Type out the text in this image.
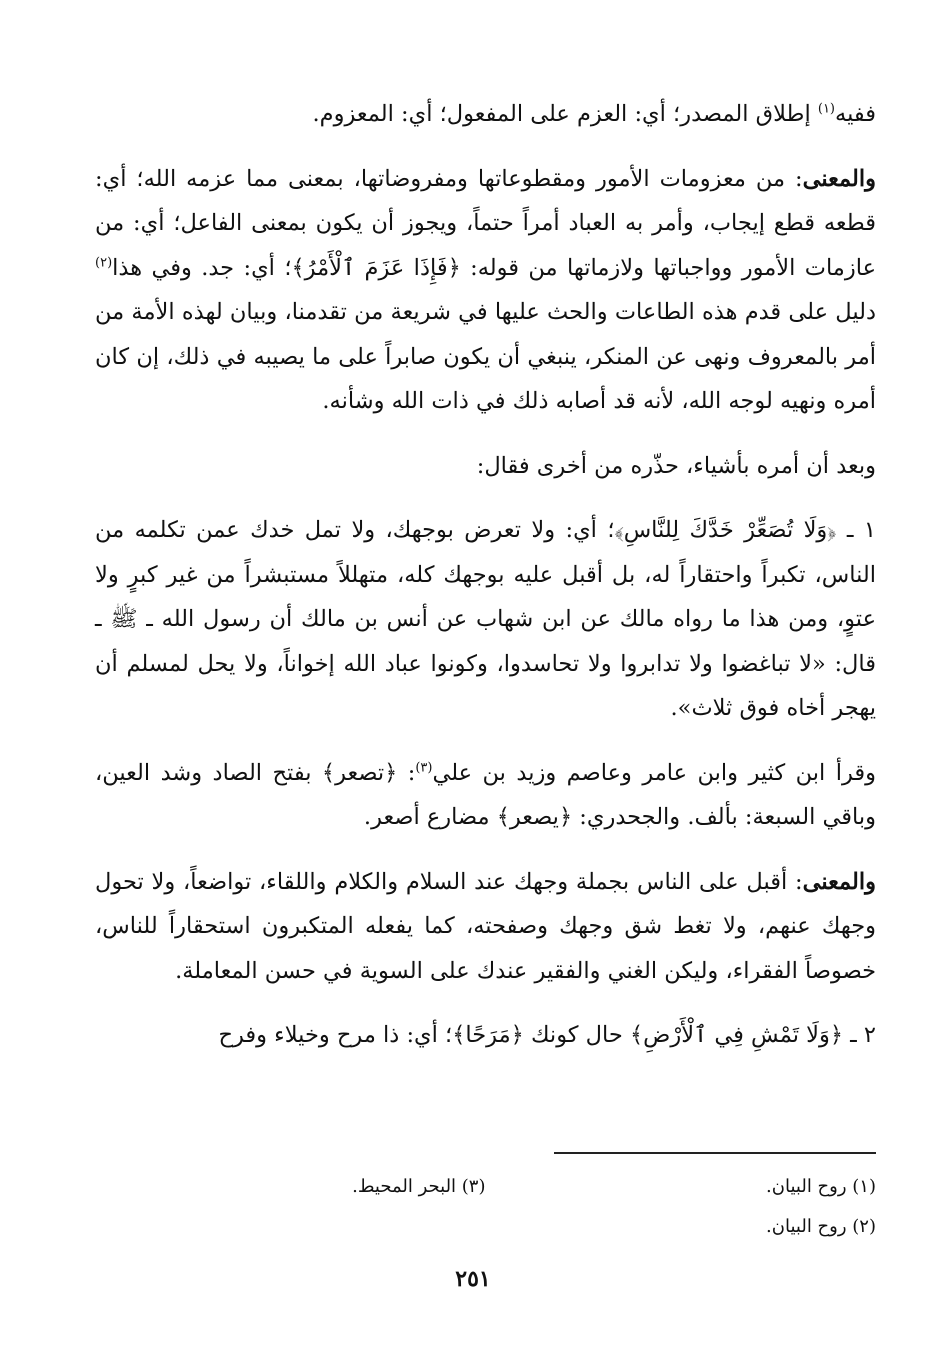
ففيه$^{(١)}$ إطلاق المصدر؛ أي: العزم على المفعول؛ أي: المعزوم.

والمعنى: من معزومات الأمور ومقطوعاتها ومفروضاتها، بمعنى مما عزمه الله؛ أي: قطعه قطع إيجاب، وأمر به العباد أمراً حتماً، ويجوز أن يكون بمعنى الفاعل؛ أي: من عازمات الأمور وواجباتها ولازماتها من قوله: ﴿فَإِذَا عَزَمَ ٱلْأَمْرُ﴾؛ أي: جد. وفي هذا$^{(٢)}$ دليل على قدم هذه الطاعات والحث عليها في شريعة من تقدمنا، وبيان لهذه الأمة من أمر بالمعروف ونهى عن المنكر، ينبغي أن يكون صابراً على ما يصيبه في ذلك، إن كان أمره ونهيه لوجه الله، لأنه قد أصابه ذلك في ذات الله وشأنه.

وبعد أن أمره بأشياء، حذّره من أخرى فقال:

١ ـ ﴿وَلَا تُصَعِّرْ خَدَّكَ لِلنَّاسِ﴾؛ أي: ولا تعرض بوجهك، ولا تمل خدك عمن تكلمه من الناس، تكبراً واحتقاراً له، بل أقبل عليه بوجهك كله، متهللاً مستبشراً من غير كبرٍ ولا عتوٍ، ومن هذا ما رواه مالك عن ابن شهاب عن أنس بن مالك أن رسول الله ـ ﷺ ـ قال: «لا تباغضوا ولا تدابروا ولا تحاسدوا، وكونوا عباد الله إخواناً، ولا يحل لمسلم أن يهجر أخاه فوق ثلاث».

وقرأ ابن كثير وابن عامر وعاصم وزيد بن علي$^{(٣)}$: ﴿تصعر﴾ بفتح الصاد وشد العين، وباقي السبعة: بألف. والجحدري: ﴿يصعر﴾ مضارع أصعر.

والمعنى: أقبل على الناس بجملة وجهك عند السلام والكلام واللقاء، تواضعاً، ولا تحول وجهك عنهم، ولا تغط شق وجهك وصفحته، كما يفعله المتكبرون استحقاراً للناس، خصوصاً الفقراء، وليكن الغني والفقير عندك على السوية في حسن المعاملة.

٢ ـ ﴿وَلَا تَمْشِ فِي ٱلْأَرْضِ﴾ حال كونك ﴿مَرَحًا﴾؛ أي: ذا مرح وخيلاء وفرح

(١) روح البيان.
(٣) البحر المحيط.
(٢) روح البيان.
٢٥١
